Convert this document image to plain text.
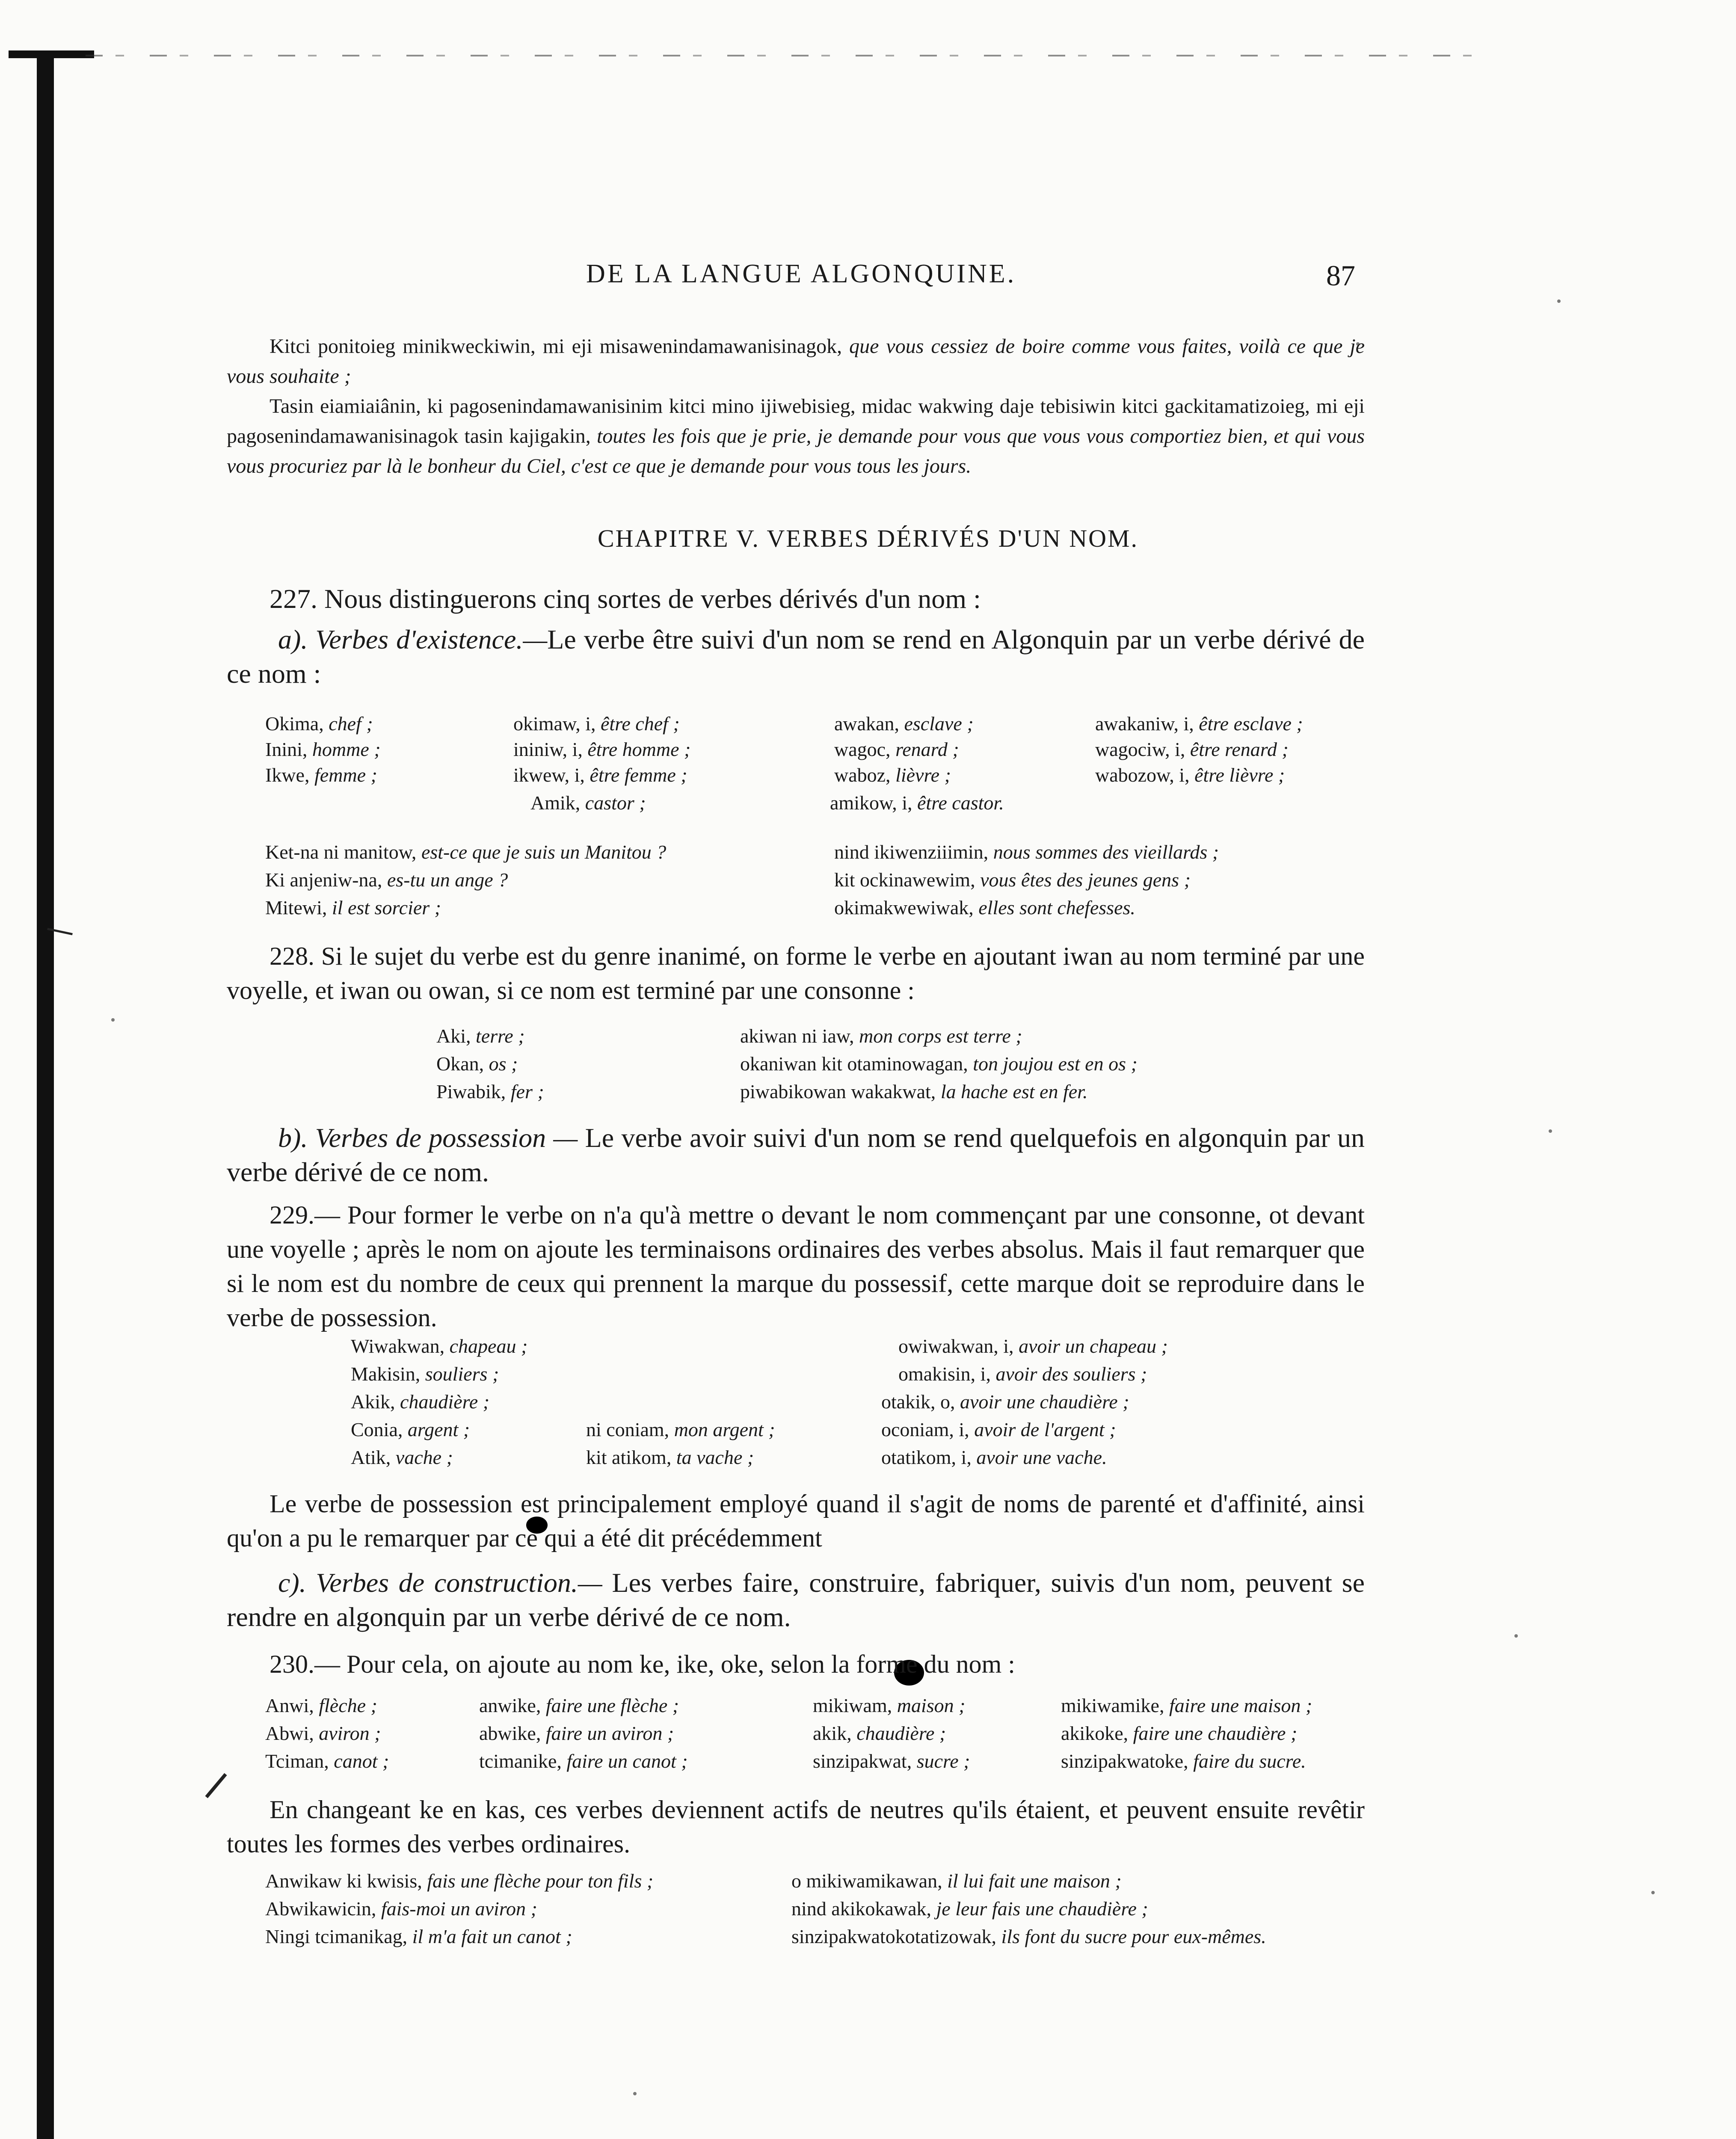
DE LA LANGUE ALGONQUINE.	87
Kitci ponitoieg minikweckiwin, mi eji misawenindamawanisinagok, que vous cessiez de boire comme vous faites, voilà ce que je vous souhaite ;
Tasin eiamiaiânin, ki pagosenindamawanisinim kitci mino ijiwebisieg, midac wakwing daje tebisiwin kitci gackitamatizoieg, mi eji pagosenindamawanisinagok tasin kajigakin, toutes les fois que je prie, je demande pour vous que vous vous comportiez bien, et qui vous vous procuriez par là le bonheur du Ciel, c'est ce que je demande pour vous tous les jours.
CHAPITRE V. VERBES DÉRIVÉS D'UN NOM.
227. Nous distinguerons cinq sortes de verbes dérivés d'un nom :
a). Verbes d'existence.—Le verbe être suivi d'un nom se rend en Algonquin par un verbe dérivé de ce nom :
Okima, chef ;
Inini, homme ;
Ikwe, femme ;
okimaw, i, être chef ;
ininiw, i, être homme ;
ikwew, i, être femme ;
Amik, castor ;
awakan, esclave ;
wagoc, renard ;
waboz, lièvre ;
amikow, i, être castor.
awakaniw, i, être esclave ;
wagociw, i, être renard ;
wabozow, i, être lièvre ;
Ket-na ni manitow, est-ce que je suis un Manitou ?
Ki anjeniw-na, es-tu un ange ?
Mitewi, il est sorcier ;
nind ikiwenziiimin, nous sommes des vieillards ;
kit ockinawewim, vous êtes des jeunes gens ;
okimakwewiwak, elles sont chefesses.
228. Si le sujet du verbe est du genre inanimé, on forme le verbe en ajoutant iwan au nom terminé par une voyelle, et iwan ou owan, si ce nom est terminé par une consonne :
Aki, terre ;
Okan, os ;
Piwabik, fer ;
akiwan ni iaw, mon corps est terre ;
okaniwan kit otaminowagan, ton joujou est en os ;
piwabikowan wakakwat, la hache est en fer.
b). Verbes de possession — Le verbe avoir suivi d'un nom se rend quelquefois en algonquin par un verbe dérivé de ce nom.
229.— Pour former le verbe on n'a qu'à mettre o devant le nom commençant par une consonne, ot devant une voyelle ; après le nom on ajoute les terminaisons ordinaires des verbes absolus. Mais il faut remarquer que si le nom est du nombre de ceux qui prennent la marque du possessif, cette marque doit se reproduire dans le verbe de possession.
Wiwakwan, chapeau ;
Makisin, souliers ;
Akik, chaudière ;
Conia, argent ;
Atik, vache ;
ni coniam, mon argent ;
kit atikom, ta vache ;
owiwakwan, i, avoir un chapeau ;
omakisin, i, avoir des souliers ;
otakik, o, avoir une chaudière ;
oconiam, i, avoir de l'argent ;
otatikom, i, avoir une vache.
Le verbe de possession est principalement employé quand il s'agit de noms de parenté et d'affinité, ainsi qu'on a pu le remarquer par ce qui a été dit précédemment
c). Verbes de construction.— Les verbes faire, construire, fabriquer, suivis d'un nom, peuvent se rendre en algonquin par un verbe dérivé de ce nom.
230.— Pour cela, on ajoute au nom ke, ike, oke, selon la forme du nom :
Anwi, flèche ;
Abwi, aviron ;
Tciman, canot ;
anwike, faire une flèche ;
abwike, faire un aviron ;
tcimanike, faire un canot ;
mikiwam, maison ;
akik, chaudière ;
sinzipakwat, sucre ;
mikiwamike, faire une maison ;
akikoke, faire une chaudière ;
sinzipakwatoke, faire du sucre.
En changeant ke en kas, ces verbes deviennent actifs de neutres qu'ils étaient, et peuvent ensuite revêtir toutes les formes des verbes ordinaires.
Anwikaw ki kwisis, fais une flèche pour ton fils ;
Abwikawicin, fais-moi un aviron ;
Ningi tcimanikag, il m'a fait un canot ;
o mikiwamikawan, il lui fait une maison ;
nind akikokawak, je leur fais une chaudière ;
sinzipakwatokotatizowak, ils font du sucre pour eux-mêmes.
